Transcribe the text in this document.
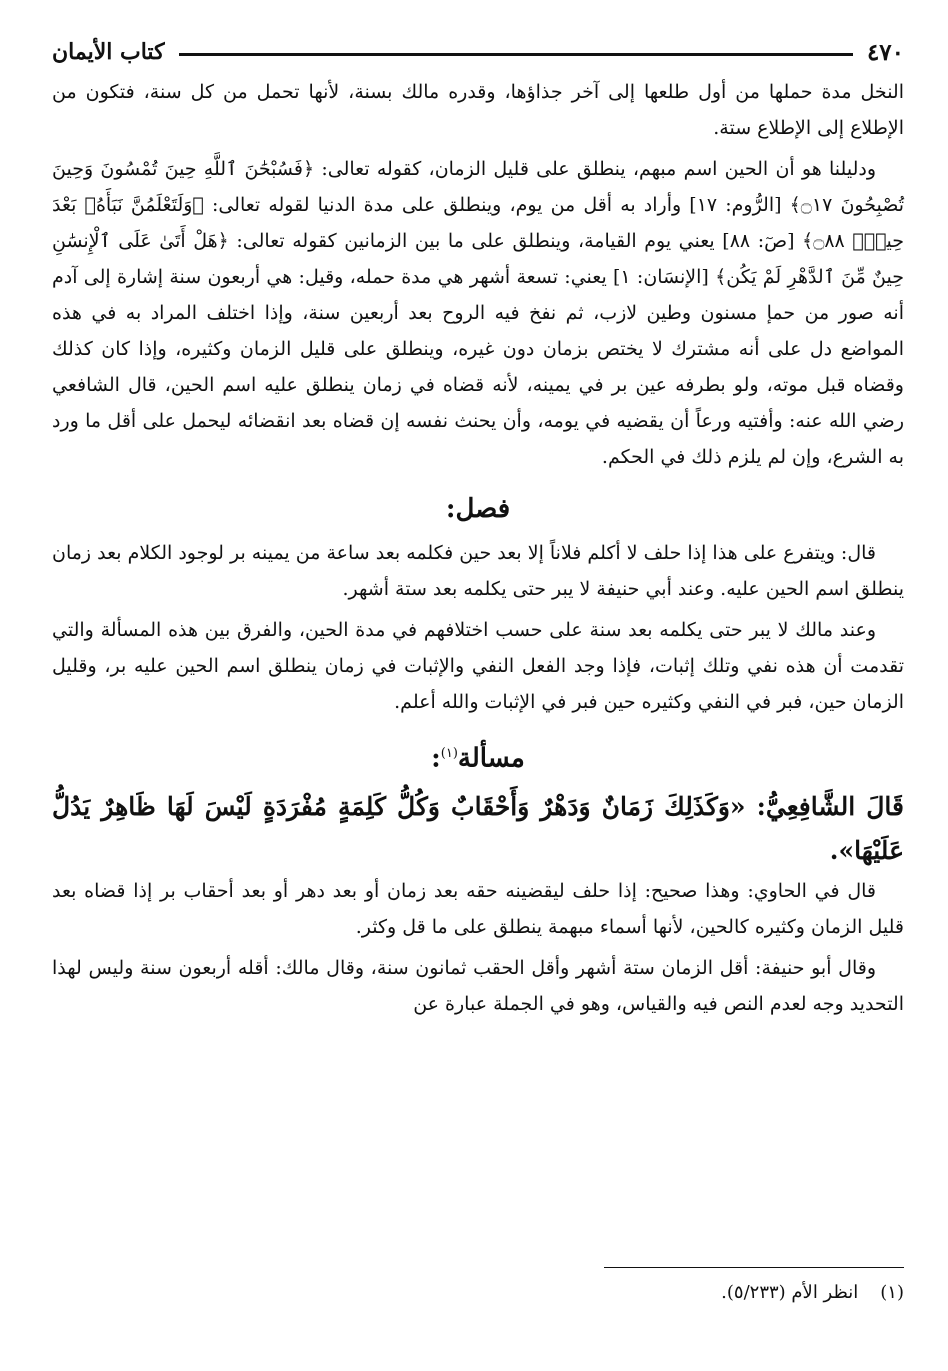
٤٧٠
كتاب الأيمان

النخل مدة حملها من أول طلعها إلى آخر جذاؤها، وقدره مالك بسنة، لأنها تحمل من كل سنة، فتكون من الإطلاع إلى الإطلاع ستة.

ودليلنا هو أن الحين اسم مبهم، ينطلق على قليل الزمان، كقوله تعالى: ﴿فَسُبْحَٰنَ ٱللَّهِ حِينَ تُمْسُونَ وَحِينَ تُصْبِحُونَ ۝١٧﴾ [الرُّوم: ١٧] وأراد به أقل من يوم، وينطلق على مدة الدنيا لقوله تعالى: ﴿وَلَتَعْلَمُنَّ نَبَأَهُۥ بَعْدَ حِينٍۭ ۝٨٨﴾ [صٓ: ٨٨] يعني يوم القيامة، وينطلق على ما بين الزمانين كقوله تعالى: ﴿هَلْ أَتَىٰ عَلَى ٱلْإِنسَٰنِ حِينٌ مِّنَ ٱلدَّهْرِ لَمْ يَكُن﴾ [الإنسَان: ١] يعني: تسعة أشهر هي مدة حمله، وقيل: هي أربعون سنة إشارة إلى آدم أنه صور من حمإ مسنون وطين لازب، ثم نفخ فيه الروح بعد أربعين سنة، وإذا اختلف المراد به في هذه المواضع دل على أنه مشترك لا يختص بزمان دون غيره، وينطلق على قليل الزمان وكثيره، وإذا كان كذلك وقضاه قبل موته، ولو بطرفه عين بر في يمينه، لأنه قضاه في زمان ينطلق عليه اسم الحين، قال الشافعي رضي الله عنه: وأفتيه ورعاً أن يقضيه في يومه، وأن يحنث نفسه إن قضاه بعد انقضائه ليحمل على أقل ما ورد به الشرع، وإن لم يلزم ذلك في الحكم.

فصل:

قال: ويتفرع على هذا إذا حلف لا أكلم فلاناً إلا بعد حين فكلمه بعد ساعة من يمينه بر لوجود الكلام بعد زمان ينطلق اسم الحين عليه. وعند أبي حنيفة لا يبر حتى يكلمه بعد ستة أشهر.

وعند مالك لا يبر حتى يكلمه بعد سنة على حسب اختلافهم في مدة الحين، والفرق بين هذه المسألة والتي تقدمت أن هذه نفي وتلك إثبات، فإذا وجد الفعل النفي والإثبات في زمان ينطلق اسم الحين عليه بر، وقليل الزمان حين، فبر في النفي وكثيره حين فبر في الإثبات والله أعلم.

مسألة$^{(١)}$:

قَالَ الشَّافِعِيُّ: «وَكَذَلِكَ زَمَانٌ وَدَهْرٌ وَأَحْقَابٌ وَكُلُّ كَلِمَةٍ مُفْرَدَةٍ لَيْسَ لَهَا ظَاهِرٌ يَدُلُّ عَلَيْهَا».

قال في الحاوي: وهذا صحيح: إذا حلف ليقضينه حقه بعد زمان أو بعد دهر أو بعد أحقاب بر إذا قضاه بعد قليل الزمان وكثيره كالحين، لأنها أسماء مبهمة ينطلق على ما قل وكثر.

وقال أبو حنيفة: أقل الزمان ستة أشهر وأقل الحقب ثمانون سنة، وقال مالك: أقله أربعون سنة وليس لهذا التحديد وجه لعدم النص فيه والقياس، وهو في الجملة عبارة عن

(١)انظر الأم (٥/٢٣٣).
